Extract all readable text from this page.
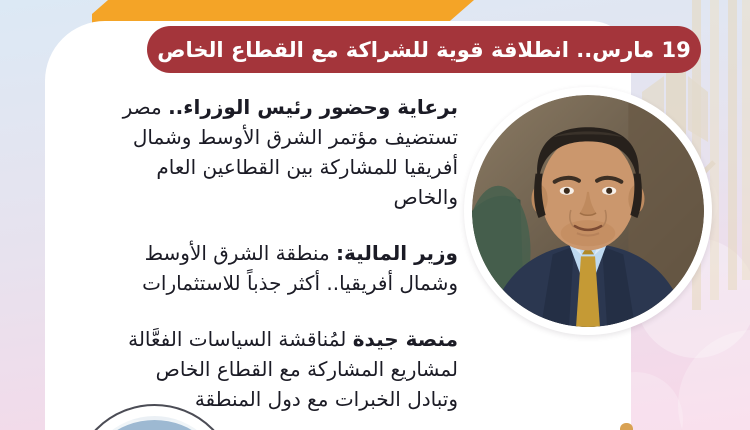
19 مارس.. انطلاقة قوية للشراكة مع القطاع الخاص

برعاية وحضور رئيس الوزراء.. مصر تستضيف مؤتمر الشرق الأوسط وشمال أفريقيا للمشاركة بين القطاعين العام والخاص

وزير المالية: منطقة الشرق الأوسط وشمال أفريقيا.. أكثر جذباً للاستثمارات

منصة جيدة لمُناقشة السياسات الفعَّالة لمشاريع المشاركة مع القطاع الخاص وتبادل الخبرات مع دول المنطقة
